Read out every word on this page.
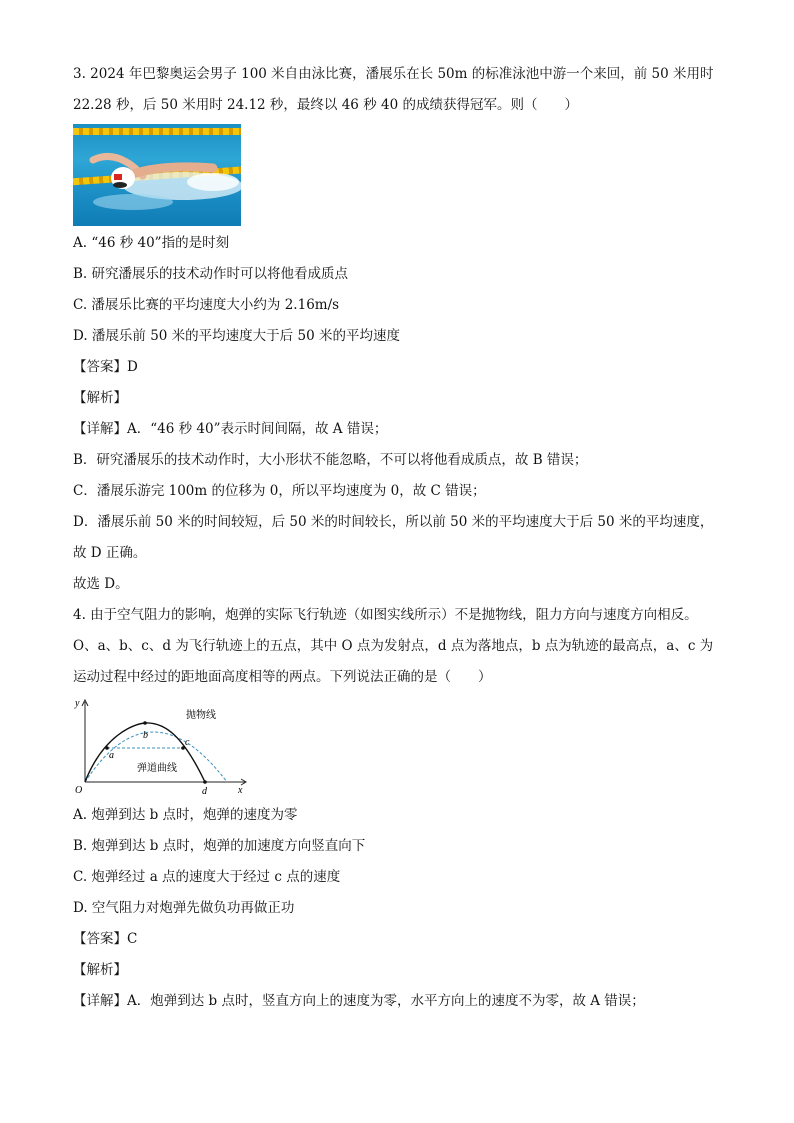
3. 2024 年巴黎奥运会男子 100 米自由泳比赛，潘展乐在长 50m 的标准泳池中游一个来回，前 50 米用时
22.28 秒，后 50 米用时 24.12 秒，最终以 46 秒 40 的成绩获得冠军。则（　　）
A. “46 秒 40”指的是时刻
B. 研究潘展乐的技术动作时可以将他看成质点
C. 潘展乐比赛的平均速度大小约为 2.16m/s
D. 潘展乐前 50 米的平均速度大于后 50 米的平均速度
【答案】D
【解析】
【详解】A．“46 秒 40”表示时间间隔，故 A 错误；
B．研究潘展乐的技术动作时，大小形状不能忽略，不可以将他看成质点，故 B 错误；
C．潘展乐游完 100m 的位移为 0，所以平均速度为 0，故 C 错误；
D．潘展乐前 50 米的时间较短，后 50 米的时间较长，所以前 50 米的平均速度大于后 50 米的平均速度，
故 D 正确。
故选 D。
4. 由于空气阻力的影响，炮弹的实际飞行轨迹（如图实线所示）不是抛物线，阻力方向与速度方向相反。
O、a、b、c、d 为飞行轨迹上的五点，其中 O 点为发射点，d 点为落地点，b 点为轨迹的最高点，a、c 为
运动过程中经过的距地面高度相等的两点。下列说法正确的是（　　）
y
x
O
a
b
c
d
抛物线
弹道曲线
A. 炮弹到达 b 点时，炮弹的速度为零
B. 炮弹到达 b 点时，炮弹的加速度方向竖直向下
C. 炮弹经过 a 点的速度大于经过 c 点的速度
D. 空气阻力对炮弹先做负功再做正功
【答案】C
【解析】
【详解】A．炮弹到达 b 点时，竖直方向上的速度为零，水平方向上的速度不为零，故 A 错误；
